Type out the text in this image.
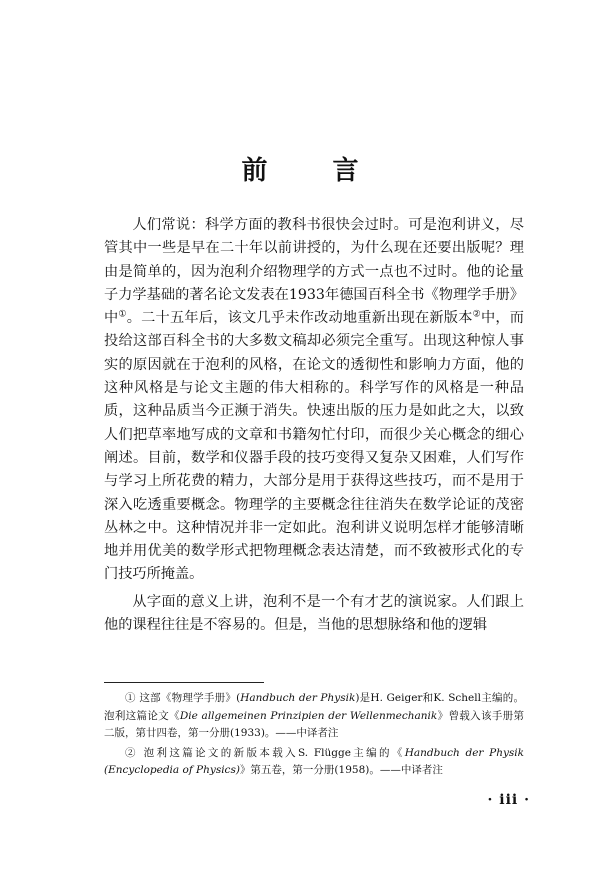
前 言

人们常说：科学方面的教科书很快会过时。可是泡利讲义，尽管其中一些是早在二十年以前讲授的，为什么现在还要出版呢？理由是简单的，因为泡利介绍物理学的方式一点也不过时。他的论量子力学基础的著名论文发表在1933年德国百科全书《物理学手册》中①。二十五年后，该文几乎未作改动地重新出现在新版本②中，而投给这部百科全书的大多数文稿却必须完全重写。出现这种惊人事实的原因就在于泡利的风格，在论文的透彻性和影响力方面，他的这种风格是与论文主题的伟大相称的。科学写作的风格是一种品质，这种品质当今正濒于消失。快速出版的压力是如此之大，以致人们把草率地写成的文章和书籍匆忙付印，而很少关心概念的细心阐述。目前，数学和仪器手段的技巧变得又复杂又困难，人们写作与学习上所花费的精力，大部分是用于获得这些技巧，而不是用于深入吃透重要概念。物理学的主要概念往往消失在数学论证的茂密丛林之中。这种情况并非一定如此。泡利讲义说明怎样才能够清晰地并用优美的数学形式把物理概念表达清楚，而不致被形式化的专门技巧所掩盖。

从字面的意义上讲，泡利不是一个有才艺的演说家。人们跟上他的课程往往是不容易的。但是，当他的思想脉络和他的逻辑

① 这部《物理学手册》(Handbuch der Physik)是H. Geiger和K. Schell主编的。泡利这篇论文《Die allgemeinen Prinzipien der Wellenmechanik》曾载入该手册第二版，第廿四卷，第一分册(1933)。——中译者注

② 泡利这篇论文的新版本载入S. Flügge主编的《Handbuch der Physik (Encyclopedia of Physics)》第五卷，第一分册(1958)。——中译者注

· iii ·
